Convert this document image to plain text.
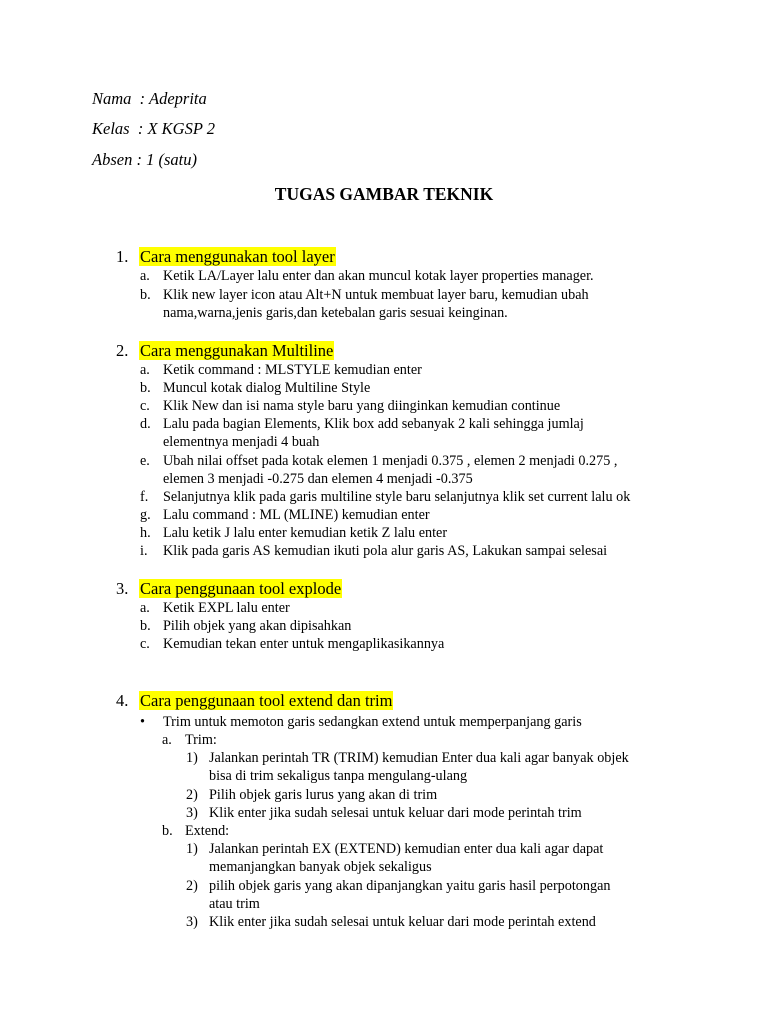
Nama  : Adeprita
Kelas  : X KGSP 2
Absen : 1 (satu)
TUGAS GAMBAR TEKNIK
1. Cara menggunakan tool layer
a. Ketik LA/Layer lalu enter dan akan muncul kotak layer properties manager.
b. Klik new layer icon atau Alt+N untuk membuat layer baru, kemudian ubah
nama,warna,jenis garis,dan ketebalan garis sesuai keinginan.
2. Cara menggunakan Multiline
a. Ketik command : MLSTYLE kemudian enter
b. Muncul kotak dialog Multiline Style
c. Klik New dan isi nama style baru yang diinginkan kemudian continue
d. Lalu pada bagian Elements, Klik box add sebanyak 2 kali sehingga jumlaj
elementnya menjadi 4 buah
e. Ubah nilai offset pada kotak elemen 1 menjadi 0.375 , elemen 2 menjadi 0.275 ,
elemen 3 menjadi -0.275 dan elemen 4 menjadi -0.375
f. Selanjutnya klik pada garis multiline style baru selanjutnya klik set current lalu ok
g. Lalu command : ML (MLINE) kemudian enter
h. Lalu ketik J lalu enter kemudian ketik Z lalu enter
i. Klik pada garis AS kemudian ikuti pola alur garis AS, Lakukan sampai selesai
3. Cara penggunaan tool explode
a. Ketik EXPL lalu enter
b. Pilih objek yang akan dipisahkan
c. Kemudian tekan enter untuk mengaplikasikannya
4. Cara penggunaan tool extend dan trim
• Trim untuk memoton garis sedangkan extend untuk memperpanjang garis
a. Trim:
1) Jalankan perintah TR (TRIM) kemudian Enter dua kali agar banyak objek
bisa di trim sekaligus tanpa mengulang-ulang
2) Pilih objek garis lurus yang akan di trim
3) Klik enter jika sudah selesai untuk keluar dari mode perintah trim
b. Extend:
1) Jalankan perintah EX (EXTEND) kemudian enter dua kali agar dapat
memanjangkan banyak objek sekaligus
2) pilih objek garis yang akan dipanjangkan yaitu garis hasil perpotongan
atau trim
3) Klik enter jika sudah selesai untuk keluar dari mode perintah extend
